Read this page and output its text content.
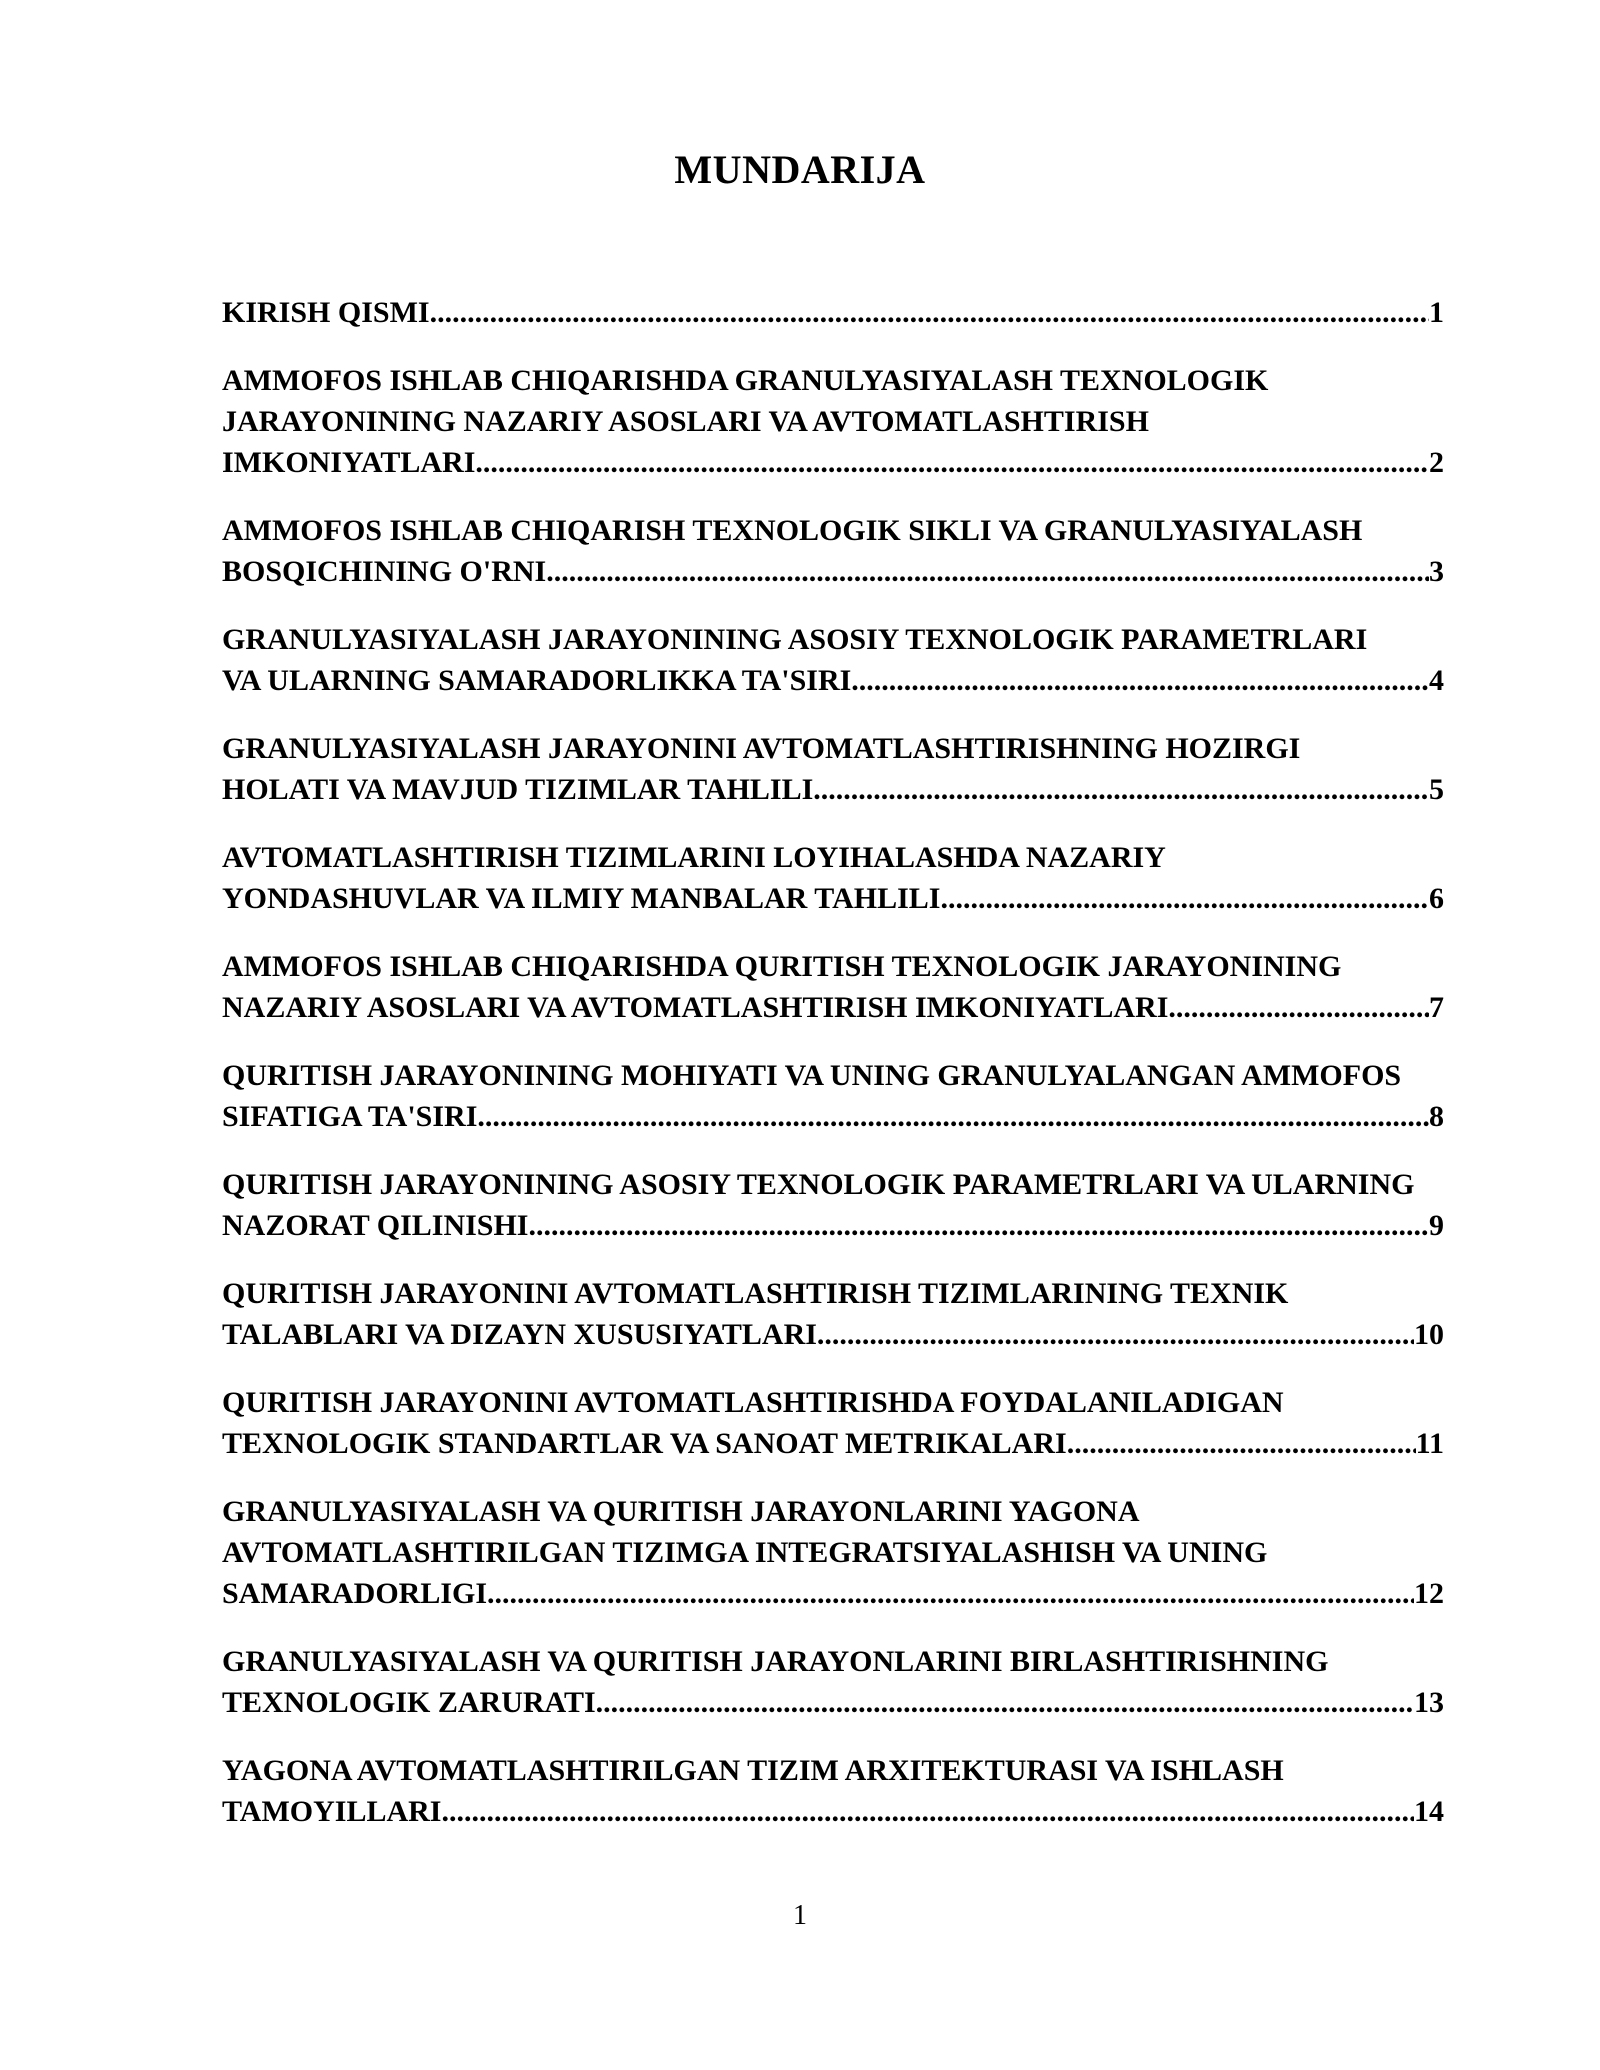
MUNDARIJA
KIRISH QISMI .....	1
AMMOFOS ISHLAB CHIQARISHDA GRANULYASIYALASH TEXNOLOGIK
JARAYONINING NAZARIY ASOSLARI VA AVTOMATLASHTIRISH
IMKONIYATLARI .....	2
AMMOFOS ISHLAB CHIQARISH TEXNOLOGIK SIKLI VA GRANULYASIYALASH
BOSQICHINING O'RNI .....	3
GRANULYASIYALASH JARAYONINING ASOSIY TEXNOLOGIK PARAMETRLARI
VA ULARNING SAMARADORLIKKA TA'SIRI .....	4
GRANULYASIYALASH JARAYONINI AVTOMATLASHTIRISHNING HOZIRGI
HOLATI VA MAVJUD TIZIMLAR TAHLILI .....	5
AVTOMATLASHTIRISH TIZIMLARINI LOYIHALASHDA NAZARIY
YONDASHUVLAR VA ILMIY MANBALAR TAHLILI .....	6
AMMOFOS ISHLAB CHIQARISHDA QURITISH TEXNOLOGIK JARAYONINING
NAZARIY ASOSLARI VA AVTOMATLASHTIRISH IMKONIYATLARI .....	7
QURITISH JARAYONINING MOHIYATI VA UNING GRANULYALANGAN AMMOFOS
SIFATIGA TA'SIRI .....	8
QURITISH JARAYONINING ASOSIY TEXNOLOGIK PARAMETRLARI VA ULARNING
NAZORAT QILINISHI .....	9
QURITISH JARAYONINI AVTOMATLASHTIRISH TIZIMLARINING TEXNIK
TALABLARI VA DIZAYN XUSUSIYATLARI .....	10
QURITISH JARAYONINI AVTOMATLASHTIRISHDA FOYDALANILADIGAN
TEXNOLOGIK STANDARTLAR VA SANOAT METRIKALARI .....	11
GRANULYASIYALASH VA QURITISH JARAYONLARINI YAGONA
AVTOMATLASHTIRILGAN TIZIMGA INTEGRATSIYALASHISH VA UNING
SAMARADORLIGI .....	12
GRANULYASIYALASH VA QURITISH JARAYONLARINI BIRLASHTIRISHNING
TEXNOLOGIK ZARURATI .....	13
YAGONA AVTOMATLASHTIRILGAN TIZIM ARXITEKTURASI VA ISHLASH
TAMOYILLARI .....	14
1
